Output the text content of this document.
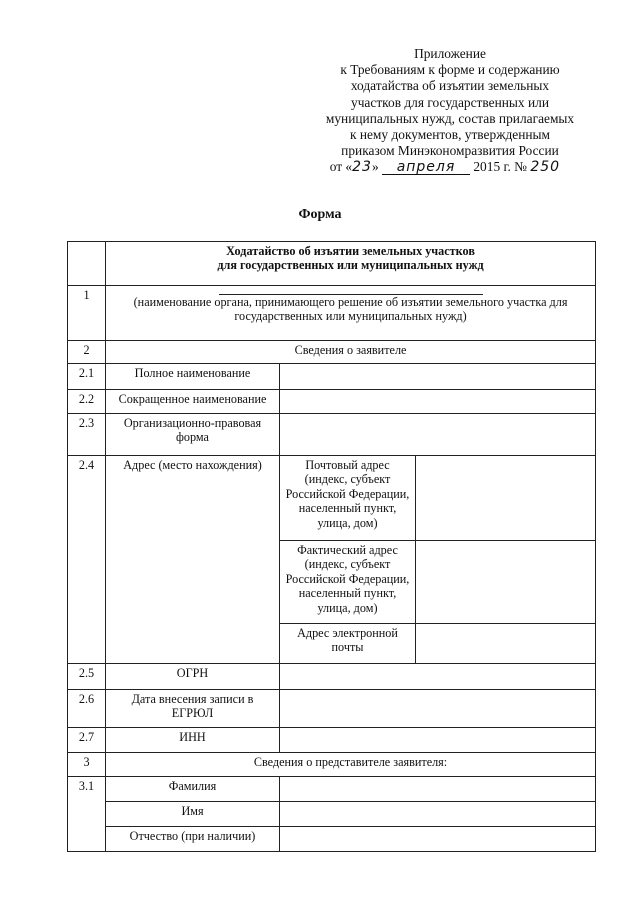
Приложение
к Требованиям к форме и содержанию
ходатайства об изъятии земельных
участков для государственных или
муниципальных нужд, состав прилагаемых
к нему документов, утвержденным
приказом Минэкономразвития России
от «23» апреля 2015 г. № 250
Форма

	Ходатайство об изъятии земельных участков
для государственных или муниципальных нужд		

1	(наименование органа, принимающего решение об изъятии земельного участка для государственных или муниципальных нужд)		

2	Сведения о заявителе		
2.1	Полное наименование		
2.2	Сокращенное наименование		
2.3	Организационно-правовая форма		
2.4	Адрес (место нахождения)	Почтовый адрес (индекс, субъект Российской Федерации, населенный пункт, улица, дом)	
		Фактический адрес (индекс, субъект Российской Федерации, населенный пункт, улица, дом)	
		Адрес электронной почты	
2.5	ОГРН		
2.6	Дата внесения записи в ЕГРЮЛ		
2.7	ИНН		
3	Сведения о представителе заявителя:		
3.1	Фамилия		
	Имя		
	Отчество (при наличии)		
